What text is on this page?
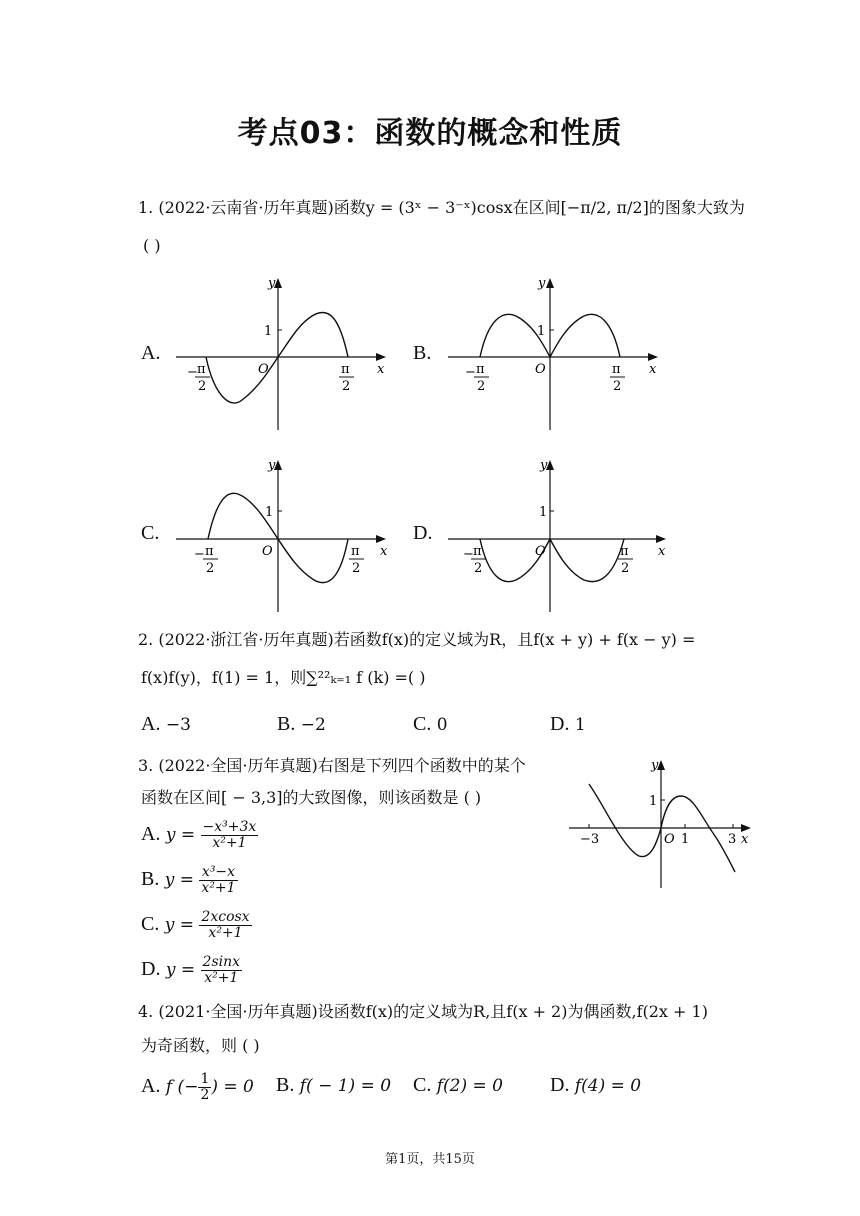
考点03：函数的概念和性质
1. (2022·云南省·历年真题)函数y = (3ˣ − 3⁻ˣ)cosx在区间[−π/2, π/2]的图象大致为
( )
A.	B.
C.	D.
1
y
x
O
− π
2
π
2
1
y
x
O
− π
2
π
2
1
y
x
O
− π
2
π
2
1
y
x
O
− π
2
π
2
2. (2022·浙江省·历年真题)若函数f(x)的定义域为R，且f(x + y) + f(x − y) =
f(x)f(y)，f(1) = 1，则∑²²ₖ₌₁ f (k) =( )
A. −3	B. −2	C. 0	D. 1
3. (2022·全国·历年真题)右图是下列四个函数中的某个
函数在区间[ − 3,3]的大致图像，则该函数是 ( )
A. $y = \frac{\text{−x³+3x}}{\text{x²+1}}$
B. $y = \frac{\text{x³−x}}{\text{x²+1}}$
C. $y = \frac{2xcosx}{\text{x²+1}}$
D. $y = \frac{2\sin x}{\text{x²+1}}$
y
1
−3	O 1	3 x
4. (2021·全国·历年真题)设函数f(x)的定义域为R,且f(x + 2)为偶函数,f(2x + 1)
为奇函数，则 ( )
A. f (− $\frac{1}{2}$ ) = 0 B. f( − 1) = 0 C. f(2) = 0 D. f(4) = 0
第1页，共15页
